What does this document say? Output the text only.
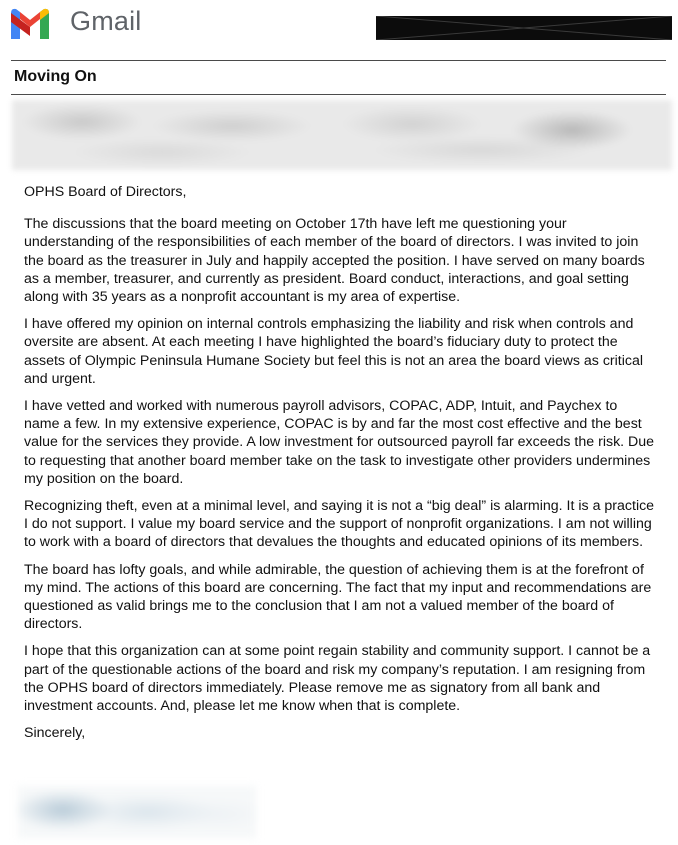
Gmail
Moving On

OPHS Board of Directors,

The discussions that the board meeting on October 17th have left me questioning your understanding of the responsibilities of each member of the board of directors. I was invited to join the board as the treasurer in July and happily accepted the position. I have served on many boards as a member, treasurer, and currently as president. Board conduct, interactions, and goal setting along with 35 years as a nonprofit accountant is my area of expertise.

I have offered my opinion on internal controls emphasizing the liability and risk when controls and oversite are absent. At each meeting I have highlighted the board’s fiduciary duty to protect the assets of Olympic Peninsula Humane Society but feel this is not an area the board views as critical and urgent.

I have vetted and worked with numerous payroll advisors, COPAC, ADP, Intuit, and Paychex to name a few. In my extensive experience, COPAC is by and far the most cost effective and the best value for the services they provide. A low investment for outsourced payroll far exceeds the risk. Due to requesting that another board member take on the task to investigate other providers undermines my position on the board.

Recognizing theft, even at a minimal level, and saying it is not a “big deal” is alarming. It is a practice I do not support. I value my board service and the support of nonprofit organizations. I am not willing to work with a board of directors that devalues the thoughts and educated opinions of its members.

The board has lofty goals, and while admirable, the question of achieving them is at the forefront of my mind. The actions of this board are concerning. The fact that my input and recommendations are questioned as valid brings me to the conclusion that I am not a valued member of the board of directors.

I hope that this organization can at some point regain stability and community support. I cannot be a part of the questionable actions of the board and risk my company’s reputation. I am resigning from the OPHS board of directors immediately. Please remove me as signatory from all bank and investment accounts. And, please let me know when that is complete.

Sincerely,
